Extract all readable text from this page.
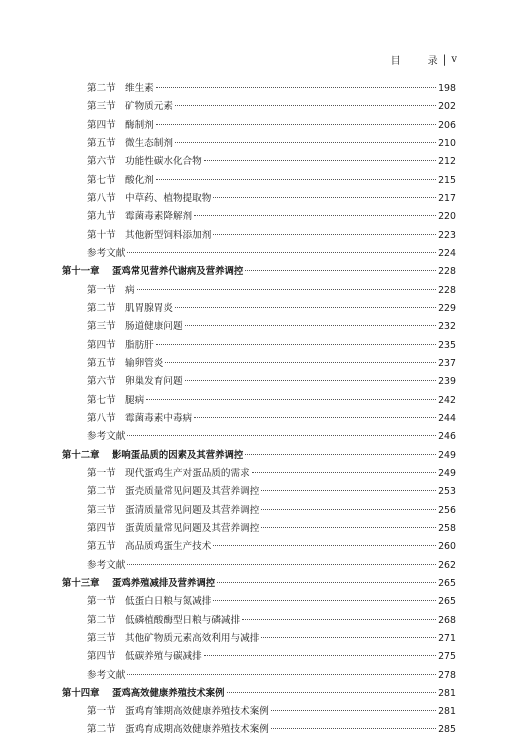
目	录 | v
第二节 维生素	198
第三节 矿物质元素	202
第四节 酶制剂	206
第五节 微生态制剂	210
第六节 功能性碳水化合物	212
第七节 酸化剂	215
第八节 中草药、植物提取物	217
第九节 霉菌毒素降解剂	220
第十节 其他新型饲料添加剂	223
参考文献	224
第十一章	蛋鸡常见营养代谢病及营养调控	228
第一节 病	228
第二节 肌胃腺胃炎	229
第三节 肠道健康问题	232
第四节 脂肪肝	235
第五节 输卵管炎	237
第六节 卵巢发育问题	239
第七节 腿病	242
第八节 霉菌毒素中毒病	244
参考文献	246
第十二章	影响蛋品质的因素及其营养调控	249
第一节 现代蛋鸡生产对蛋品质的需求	249
第二节 蛋壳质量常见问题及其营养调控	253
第三节 蛋清质量常见问题及其营养调控	256
第四节 蛋黄质量常见问题及其营养调控	258
第五节 高品质鸡蛋生产技术	260
参考文献	262
第十三章	蛋鸡养殖减排及营养调控	265
第一节 低蛋白日粮与氮减排	265
第二节 低磷植酸酶型日粮与磷减排	268
第三节 其他矿物质元素高效利用与减排	271
第四节 低碳养殖与碳减排	275
参考文献	278
第十四章	蛋鸡高效健康养殖技术案例	281
第一节 蛋鸡育雏期高效健康养殖技术案例	281
第二节 蛋鸡育成期高效健康养殖技术案例	285
